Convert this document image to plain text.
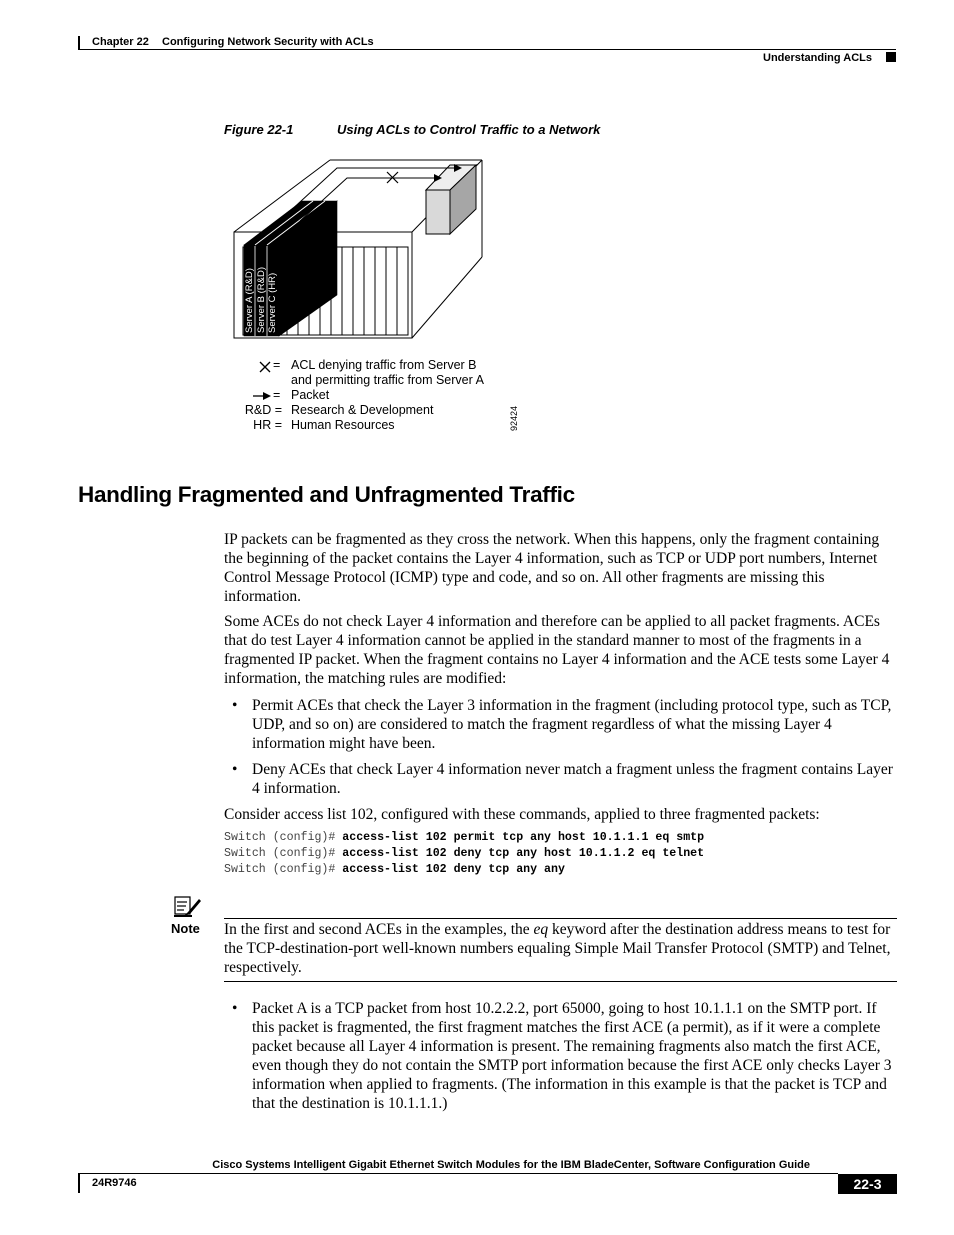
Chapter 22 Configuring Network Security with ACLs
Understanding ACLs
Figure 22-1	Using ACLs to Control Traffic to a Network
Server A (R&D) Server B (R&D) Server C (HR)
92424
= ACL denying traffic from Server B
and permitting traffic from Server A
= Packet
R&D = Research & Development
HR = Human Resources
Handling Fragmented and Unfragmented Traffic
IP packets can be fragmented as they cross the network. When this happens, only the fragment containing the beginning of the packet contains the Layer 4 information, such as TCP or UDP port numbers, Internet Control Message Protocol (ICMP) type and code, and so on. All other fragments are missing this information.
Some ACEs do not check Layer 4 information and therefore can be applied to all packet fragments. ACEs that do test Layer 4 information cannot be applied in the standard manner to most of the fragments in a fragmented IP packet. When the fragment contains no Layer 4 information and the ACE tests some Layer 4 information, the matching rules are modified:
• Permit ACEs that check the Layer 3 information in the fragment (including protocol type, such as TCP, UDP, and so on) are considered to match the fragment regardless of what the missing Layer 4 information might have been.
• Deny ACEs that check Layer 4 information never match a fragment unless the fragment contains Layer 4 information.
Consider access list 102, configured with these commands, applied to three fragmented packets:
Switch (config)# access-list 102 permit tcp any host 10.1.1.1 eq smtp
Switch (config)# access-list 102 deny tcp any host 10.1.1.2 eq telnet
Switch (config)# access-list 102 deny tcp any any
Note In the first and second ACEs in the examples, the eq keyword after the destination address means to test for the TCP-destination-port well-known numbers equaling Simple Mail Transfer Protocol (SMTP) and Telnet, respectively.
• Packet A is a TCP packet from host 10.2.2.2, port 65000, going to host 10.1.1.1 on the SMTP port. If this packet is fragmented, the first fragment matches the first ACE (a permit), as if it were a complete packet because all Layer 4 information is present. The remaining fragments also match the first ACE, even though they do not contain the SMTP port information because the first ACE only checks Layer 3 information when applied to fragments. (The information in this example is that the packet is TCP and that the destination is 10.1.1.1.)
Cisco Systems Intelligent Gigabit Ethernet Switch Modules for the IBM BladeCenter, Software Configuration Guide
24R9746	22-3
